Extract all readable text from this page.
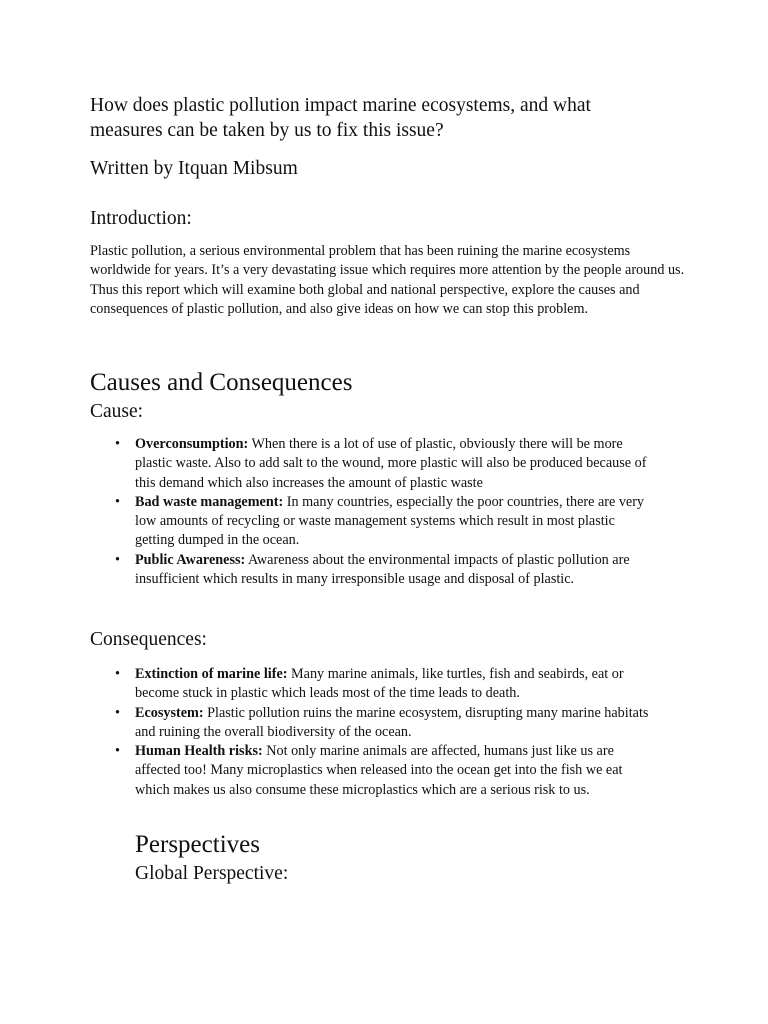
How does plastic pollution impact marine ecosystems, and what measures can be taken by us to fix this issue?

Written by Itquan Mibsum

Introduction:

Plastic pollution, a serious environmental problem that has been ruining the marine ecosystems worldwide for years. It’s a very devastating issue which requires more attention by the people around us. Thus this report which will examine both global and national perspective, explore the causes and consequences of plastic pollution, and also give ideas on how we can stop this problem.

Causes and Consequences

Cause:

• Overconsumption: When there is a lot of use of plastic, obviously there will be more plastic waste. Also to add salt to the wound, more plastic will also be produced because of this demand which also increases the amount of plastic waste
• Bad waste management: In many countries, especially the poor countries, there are very low amounts of recycling or waste management systems which result in most plastic getting dumped in the ocean.
• Public Awareness: Awareness about the environmental impacts of plastic pollution are insufficient which results in many irresponsible usage and disposal of plastic.

Consequences:

• Extinction of marine life: Many marine animals, like turtles, fish and seabirds, eat or become stuck in plastic which leads most of the time leads to death.
• Ecosystem: Plastic pollution ruins the marine ecosystem, disrupting many marine habitats and ruining the overall biodiversity of the ocean.
• Human Health risks: Not only marine animals are affected, humans just like us are affected too! Many microplastics when released into the ocean get into the fish we eat which makes us also consume these microplastics which are a serious risk to us.

Perspectives

Global Perspective:
